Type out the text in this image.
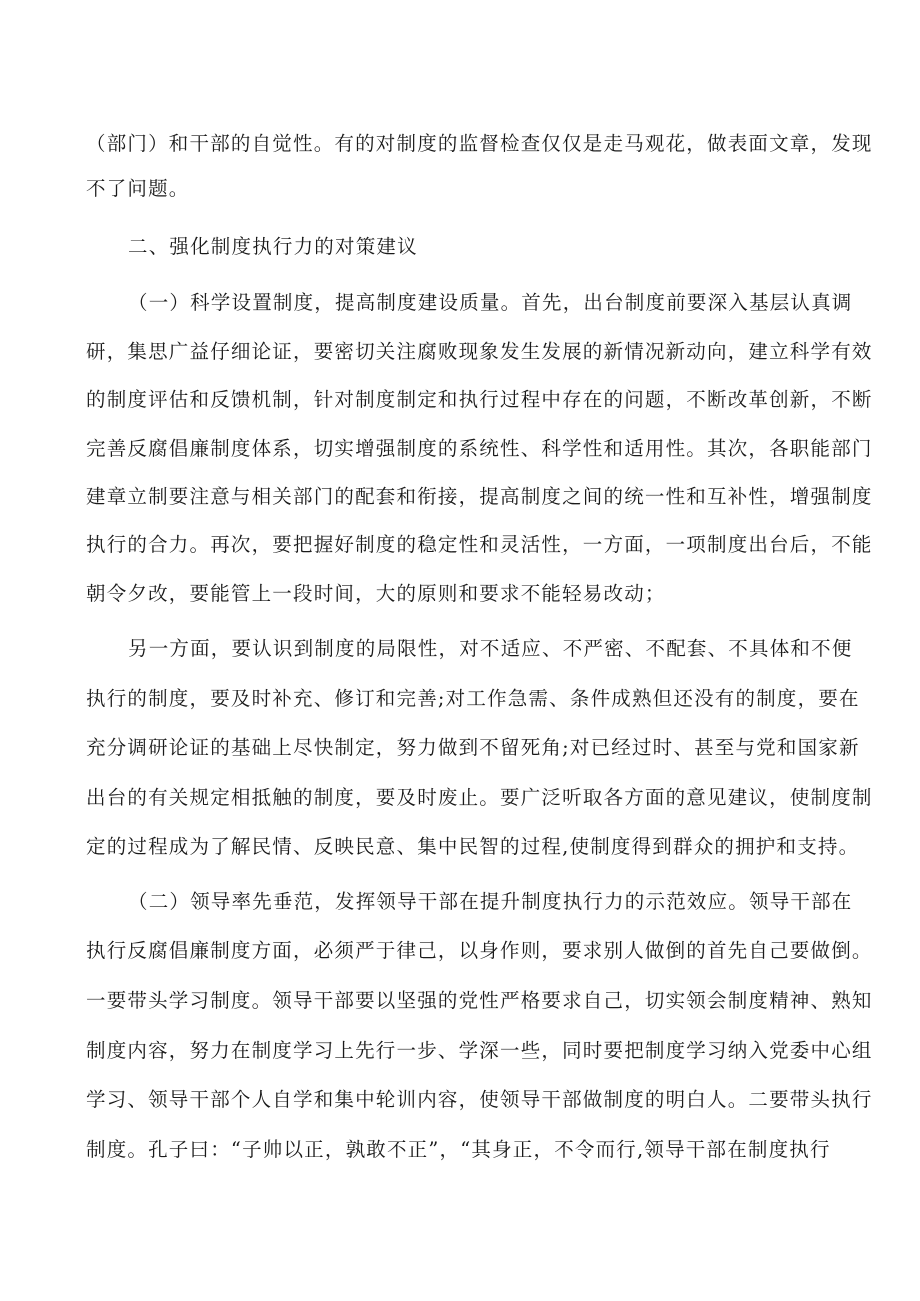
（部门）和干部的自觉性。有的对制度的监督检查仅仅是走马观花，做表面文章，发现
不了问题。
二、强化制度执行力的对策建议
（一）科学设置制度，提高制度建设质量。首先，出台制度前要深入基层认真调
研，集思广益仔细论证，要密切关注腐败现象发生发展的新情况新动向，建立科学有效
的制度评估和反馈机制，针对制度制定和执行过程中存在的问题，不断改革创新，不断
完善反腐倡廉制度体系，切实增强制度的系统性、科学性和适用性。其次，各职能部门
建章立制要注意与相关部门的配套和衔接，提高制度之间的统一性和互补性，增强制度
执行的合力。再次，要把握好制度的稳定性和灵活性，一方面，一项制度出台后，不能
朝令夕改，要能管上一段时间，大的原则和要求不能轻易改动；
另一方面，要认识到制度的局限性，对不适应、不严密、不配套、不具体和不便
执行的制度，要及时补充、修订和完善;对工作急需、条件成熟但还没有的制度，要在
充分调研论证的基础上尽快制定，努力做到不留死角;对已经过时、甚至与党和国家新
出台的有关规定相抵触的制度，要及时废止。要广泛听取各方面的意见建议，使制度制
定的过程成为了解民情、反映民意、集中民智的过程,使制度得到群众的拥护和支持。
（二）领导率先垂范，发挥领导干部在提升制度执行力的示范效应。领导干部在
执行反腐倡廉制度方面，必须严于律己，以身作则，要求别人做倒的首先自己要做倒。
一要带头学习制度。领导干部要以坚强的党性严格要求自己，切实领会制度精神、熟知
制度内容，努力在制度学习上先行一步、学深一些，同时要把制度学习纳入党委中心组
学习、领导干部个人自学和集中轮训内容，使领导干部做制度的明白人。二要带头执行
制度。孔子曰：“子帅以正，孰敢不正”，“其身正，不令而行,领导干部在制度执行
